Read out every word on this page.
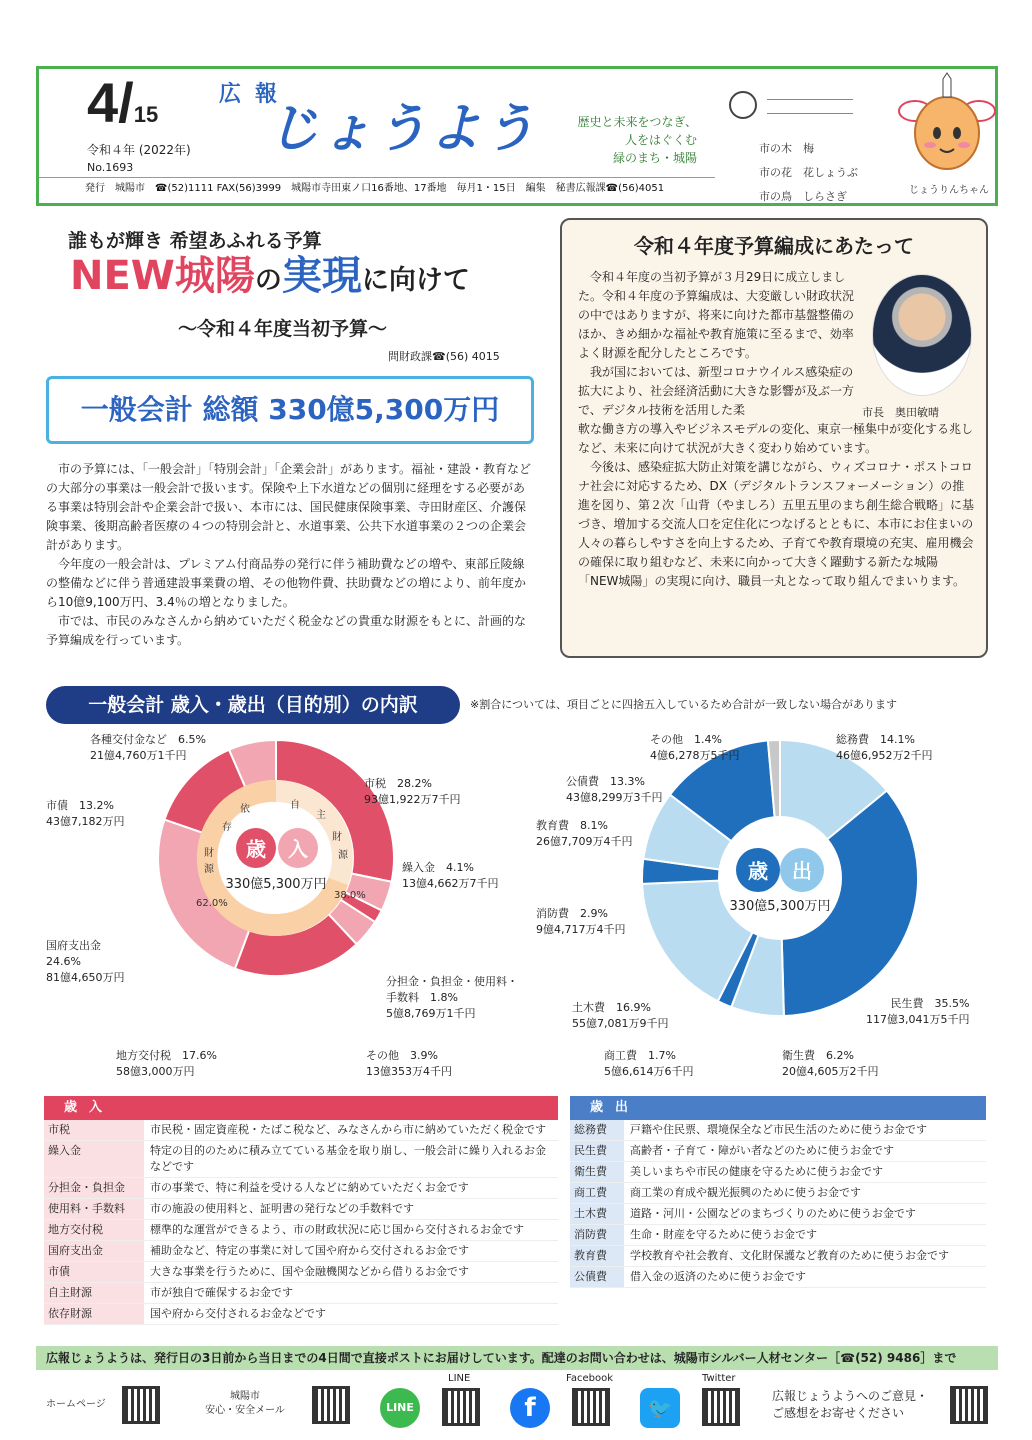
4/15
令和４年 (2022年)
No.1693
広報
じょうよう	歴史と未来をつなぎ、
人をはぐくむ
緑のまち・城陽
市の木　梅
市の花　花しょうぶ
市の鳥　しらさぎ	じょうりんちゃん
発行　城陽市　☎(52)1111 FAX(56)3999　城陽市寺田東ノ口16番地、17番地　毎月1・15日　編集　秘書広報課☎(56)4051
誰もが輝き 希望あふれる予算
NEW城陽の実現に向けて
〜令和４年度当初予算〜
問財政課☎(56) 4015
一般会計 総額 330億5,300万円

市の予算には、「一般会計」「特別会計」「企業会計」があります。福祉・建設・教育などの大部分の事業は一般会計で扱います。保険や上下水道などの個別に経理をする必要がある事業は特別会計や企業会計で扱い、本市には、国民健康保険事業、寺田財産区、介護保険事業、後期高齢者医療の４つの特別会計と、水道事業、公共下水道事業の２つの企業会計があります。

今年度の一般会計は、プレミアム付商品券の発行に伴う補助費などの増や、東部丘陵線の整備などに伴う普通建設事業費の増、その他物件費、扶助費などの増により、前年度から10億9,100万円、3.4％の増となりました。

市では、市民のみなさんから納めていただく税金などの貴重な財源をもとに、計画的な予算編成を行っています。

令和４年度予算編成にあたって
市長　奥田敏晴

令和４年度の当初予算が３月29日に成立しました。令和４年度の予算編成は、大変厳しい財政状況の中ではありますが、将来に向けた都市基盤整備のほか、きめ細かな福祉や教育施策に至るまで、効率よく財源を配分したところです。

我が国においては、新型コロナウイルス感染症の拡大により、社会経済活動に大きな影響が及ぶ一方で、デジタル技術を活用した柔

軟な働き方の導入やビジネスモデルの変化、東京一極集中が変化する兆しなど、未来に向けて状況が大きく変わり始めています。

今後は、感染症拡大防止対策を講じながら、ウィズコロナ・ポストコロナ社会に対応するため、DX（デジタルトランスフォーメーション）の推進を図り、第２次「山背（やましろ）五里五里のまち創生総合戦略」に基づき、増加する交流人口を定住化につなげるとともに、本市にお住まいの人々の暮らしやすさを向上するため、子育てや教育環境の充実、雇用機会の確保に取り組むなど、未来に向かって大きく躍動する新たな城陽「NEW城陽」の実現に向け、職員一丸となって取り組んでまいります。

一般会計 歳入・歳出（目的別）の内訳	※割合については、項目ごとに四捨五入しているため合計が一致しない場合があります
歳 入
330億5,300万円
依
存
財
源
自
主
財
源
62.0%
38.0%
各種交付金など　 6.5%
21億4,760万1千円
市債　 13.2%
43億7,182万円
市税　 28.2%
93億1,922万7千円
繰入金　 4.1%
13億4,662万7千円
国府支出金
24.6%
81億4,650万円	分担金・負担金・使用料・手数料　 1.8%
5億8,769万1千円
地方交付税　 17.6%
58億3,000万円
その他　 3.9%
13億353万4千円
歳 出
330億5,300万円
その他　 1.4%
4億6,278万5千円
総務費　 14.1%
46億6,952万2千円
公債費　 13.3%
43億8,299万3千円
教育費　 8.1%
26億7,709万4千円
消防費　 2.9%
9億4,717万4千円
土木費　 16.9%
55億7,081万9千円
商工費　 1.7%
5億6,614万6千円
民生費　 35.5%
117億3,041万5千円
衛生費　 6.2%
20億4,605万2千円
歳入
市税	市民税・固定資産税・たばこ税など、みなさんから市に納めていただく税金です
繰入金	特定の目的のために積み立てている基金を取り崩し、一般会計に繰り入れるお金などです
分担金・負担金	市の事業で、特に利益を受ける人などに納めていただくお金です
使用料・手数料	市の施設の使用料と、証明書の発行などの手数料です
地方交付税	標準的な運営ができるよう、市の財政状況に応じ国から交付されるお金です
国府支出金	補助金など、特定の事業に対して国や府から交付されるお金です
市債	大きな事業を行うために、国や金融機関などから借りるお金です
自主財源	市が独自で確保するお金です
依存財源	国や府から交付されるお金などです
歳出
総務費	戸籍や住民票、環境保全など市民生活のために使うお金です
民生費	高齢者・子育て・障がい者などのために使うお金です
衛生費	美しいまちや市民の健康を守るために使うお金です
商工費	商工業の育成や観光振興のために使うお金です
土木費	道路・河川・公園などのまちづくりのために使うお金です
消防費	生命・財産を守るために使うお金です
教育費	学校教育や社会教育、文化財保護など教育のために使うお金です
公債費	借入金の返済のために使うお金です
広報じょうようは、発行日の3日前から当日までの4日間で直接ポストにお届けしています。配達のお問い合わせは、城陽市シルバー人材センター［☎(52) 9486］まで
ホームページ
城陽市
安心・安全メール	LINE
LINE
f
Facebook
🐦
Twitter
広報じょうようへのご意見・
ご感想をお寄せください
